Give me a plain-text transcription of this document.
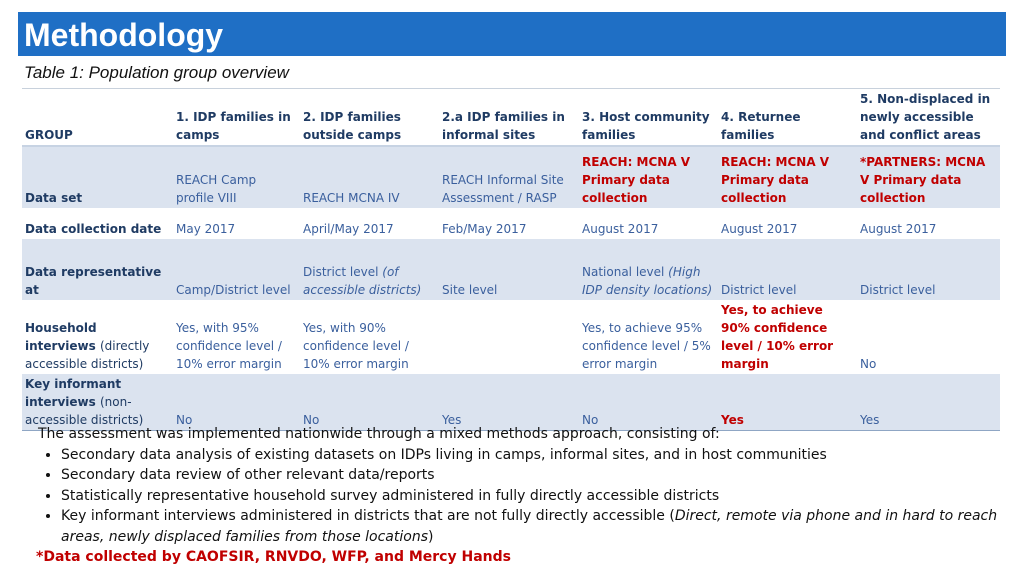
Methodology
Table 1: Population group overview
GROUP	1. IDP families in camps	2. IDP families outside camps	2.a IDP families in informal sites	3. Host community families	4. Returnee families	5. Non-displaced in newly accessible and conflict areas
Data set	REACH Camp profile VIII	REACH MCNA IV	REACH Informal Site Assessment / RASP	REACH: MCNA V Primary data collection	REACH: MCNA V Primary data collection	*PARTNERS: MCNA V Primary data collection
Data collection date	May 2017	April/May 2017	Feb/May 2017	August 2017	August 2017	August 2017
Data representative at	Camp/District level	District level (of accessible districts)	Site level	National level (High IDP density locations)	District level	District level
Household interviews (directly accessible districts)	Yes, with 95% confidence level / 10% error margin	Yes, with 90% confidence level / 10% error margin		Yes, to achieve 95% confidence level / 5% error margin	Yes, to achieve 90% confidence level / 10% error margin	No
Key informant interviews (non-accessible districts)	No	No	Yes	No	Yes	Yes
The assessment was implemented nationwide through a mixed methods approach, consisting of:
• Secondary data analysis of existing datasets on IDPs living in camps, informal sites, and in host communities
• Secondary data review of other relevant data/reports
• Statistically representative household survey administered in fully directly accessible districts
• Key informant interviews administered in districts that are not fully directly accessible (Direct, remote via phone and in hard to reach areas, newly displaced families from those locations)
*Data collected by CAOFSIR, RNVDO, WFP, and Mercy Hands
